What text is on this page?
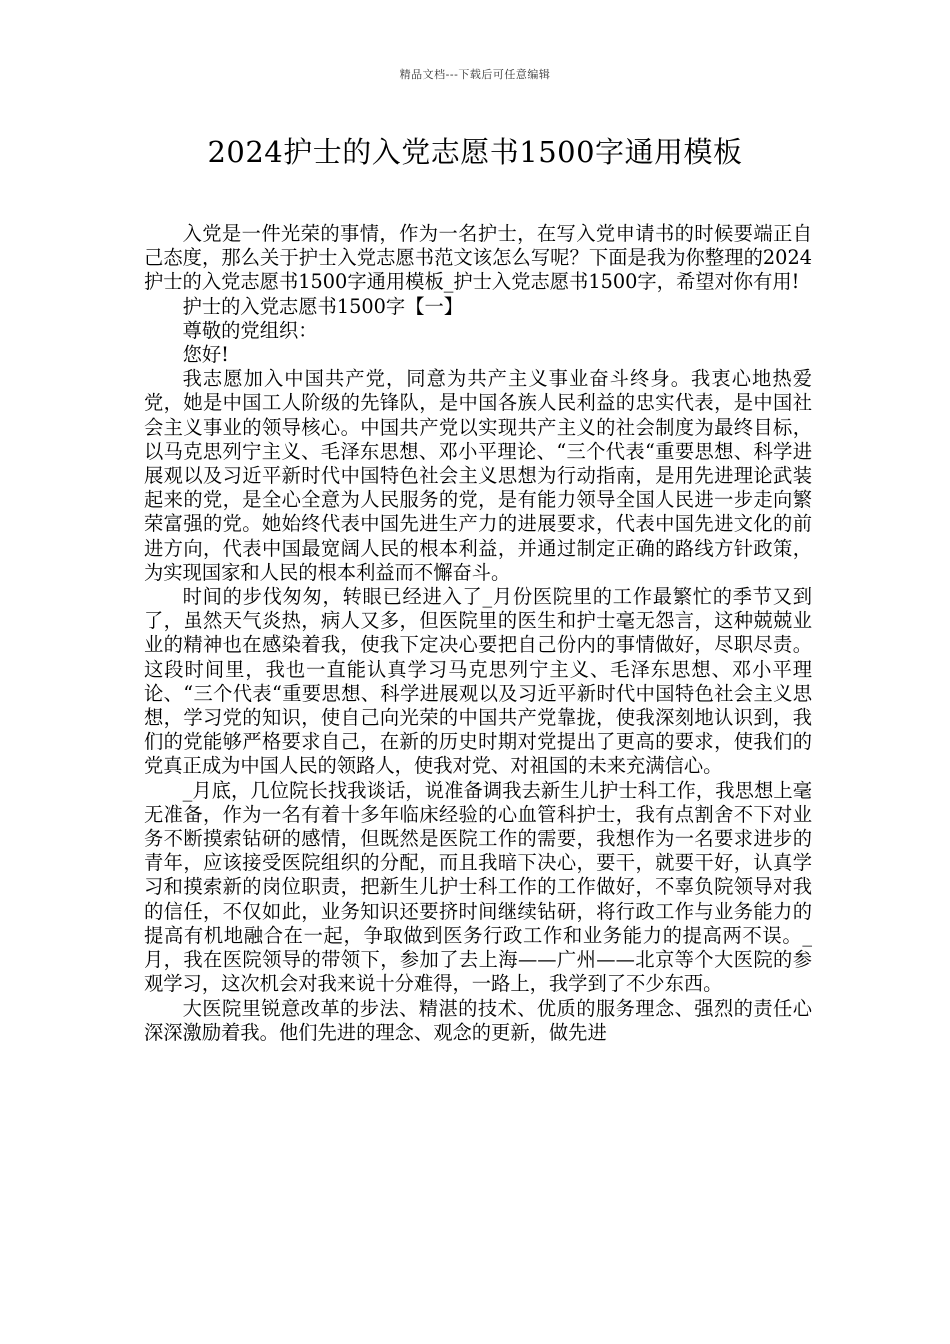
精品文档---下载后可任意编辑
2024护士的入党志愿书1500字通用模板

入党是一件光荣的事情，作为一名护士，在写入党申请书的时候要端正自己态度，那么关于护士入党志愿书范文该怎么写呢？下面是我为你整理的2024护士的入党志愿书1500字通用模板_护士入党志愿书1500字，希望对你有用!

护士的入党志愿书1500字【一】

尊敬的党组织：

您好!

我志愿加入中国共产党，同意为共产主义事业奋斗终身。我衷心地热爱党，她是中国工人阶级的先锋队，是中国各族人民利益的忠实代表，是中国社会主义事业的领导核心。中国共产党以实现共产主义的社会制度为最终目标，以马克思列宁主义、毛泽东思想、邓小平理论、“三个代表“重要思想、科学进展观以及习近平新时代中国特色社会主义思想为行动指南，是用先进理论武装起来的党，是全心全意为人民服务的党，是有能力领导全国人民进一步走向繁荣富强的党。她始终代表中国先进生产力的进展要求，代表中国先进文化的前进方向，代表中国最宽阔人民的根本利益，并通过制定正确的路线方针政策，为实现国家和人民的根本利益而不懈奋斗。

时间的步伐匆匆，转眼已经进入了_月份医院里的工作最繁忙的季节又到了，虽然天气炎热，病人又多，但医院里的医生和护士毫无怨言，这种兢兢业业的精神也在感染着我，使我下定决心要把自己份内的事情做好，尽职尽责。这段时间里，我也一直能认真学习马克思列宁主义、毛泽东思想、邓小平理论、“三个代表“重要思想、科学进展观以及习近平新时代中国特色社会主义思想，学习党的知识，使自己向光荣的中国共产党靠拢，使我深刻地认识到，我们的党能够严格要求自己，在新的历史时期对党提出了更高的要求，使我们的党真正成为中国人民的领路人，使我对党、对祖国的未来充满信心。

_月底，几位院长找我谈话，说准备调我去新生儿护士科工作，我思想上毫无准备，作为一名有着十多年临床经验的心血管科护士，我有点割舍不下对业务不断摸索钻研的感情，但既然是医院工作的需要，我想作为一名要求进步的青年，应该接受医院组织的分配，而且我暗下决心，要干，就要干好，认真学习和摸索新的岗位职责，把新生儿护士科工作的工作做好，不辜负院领导对我的信任，不仅如此，业务知识还要挤时间继续钻研，将行政工作与业务能力的提高有机地融合在一起，争取做到医务行政工作和业务能力的提高两不误。_月，我在医院领导的带领下，参加了去上海——广州——北京等个大医院的参观学习，这次机会对我来说十分难得，一路上，我学到了不少东西。

大医院里锐意改革的步法、精湛的技术、优质的服务理念、强烈的责任心深深激励着我。他们先进的理念、观念的更新，做先进
